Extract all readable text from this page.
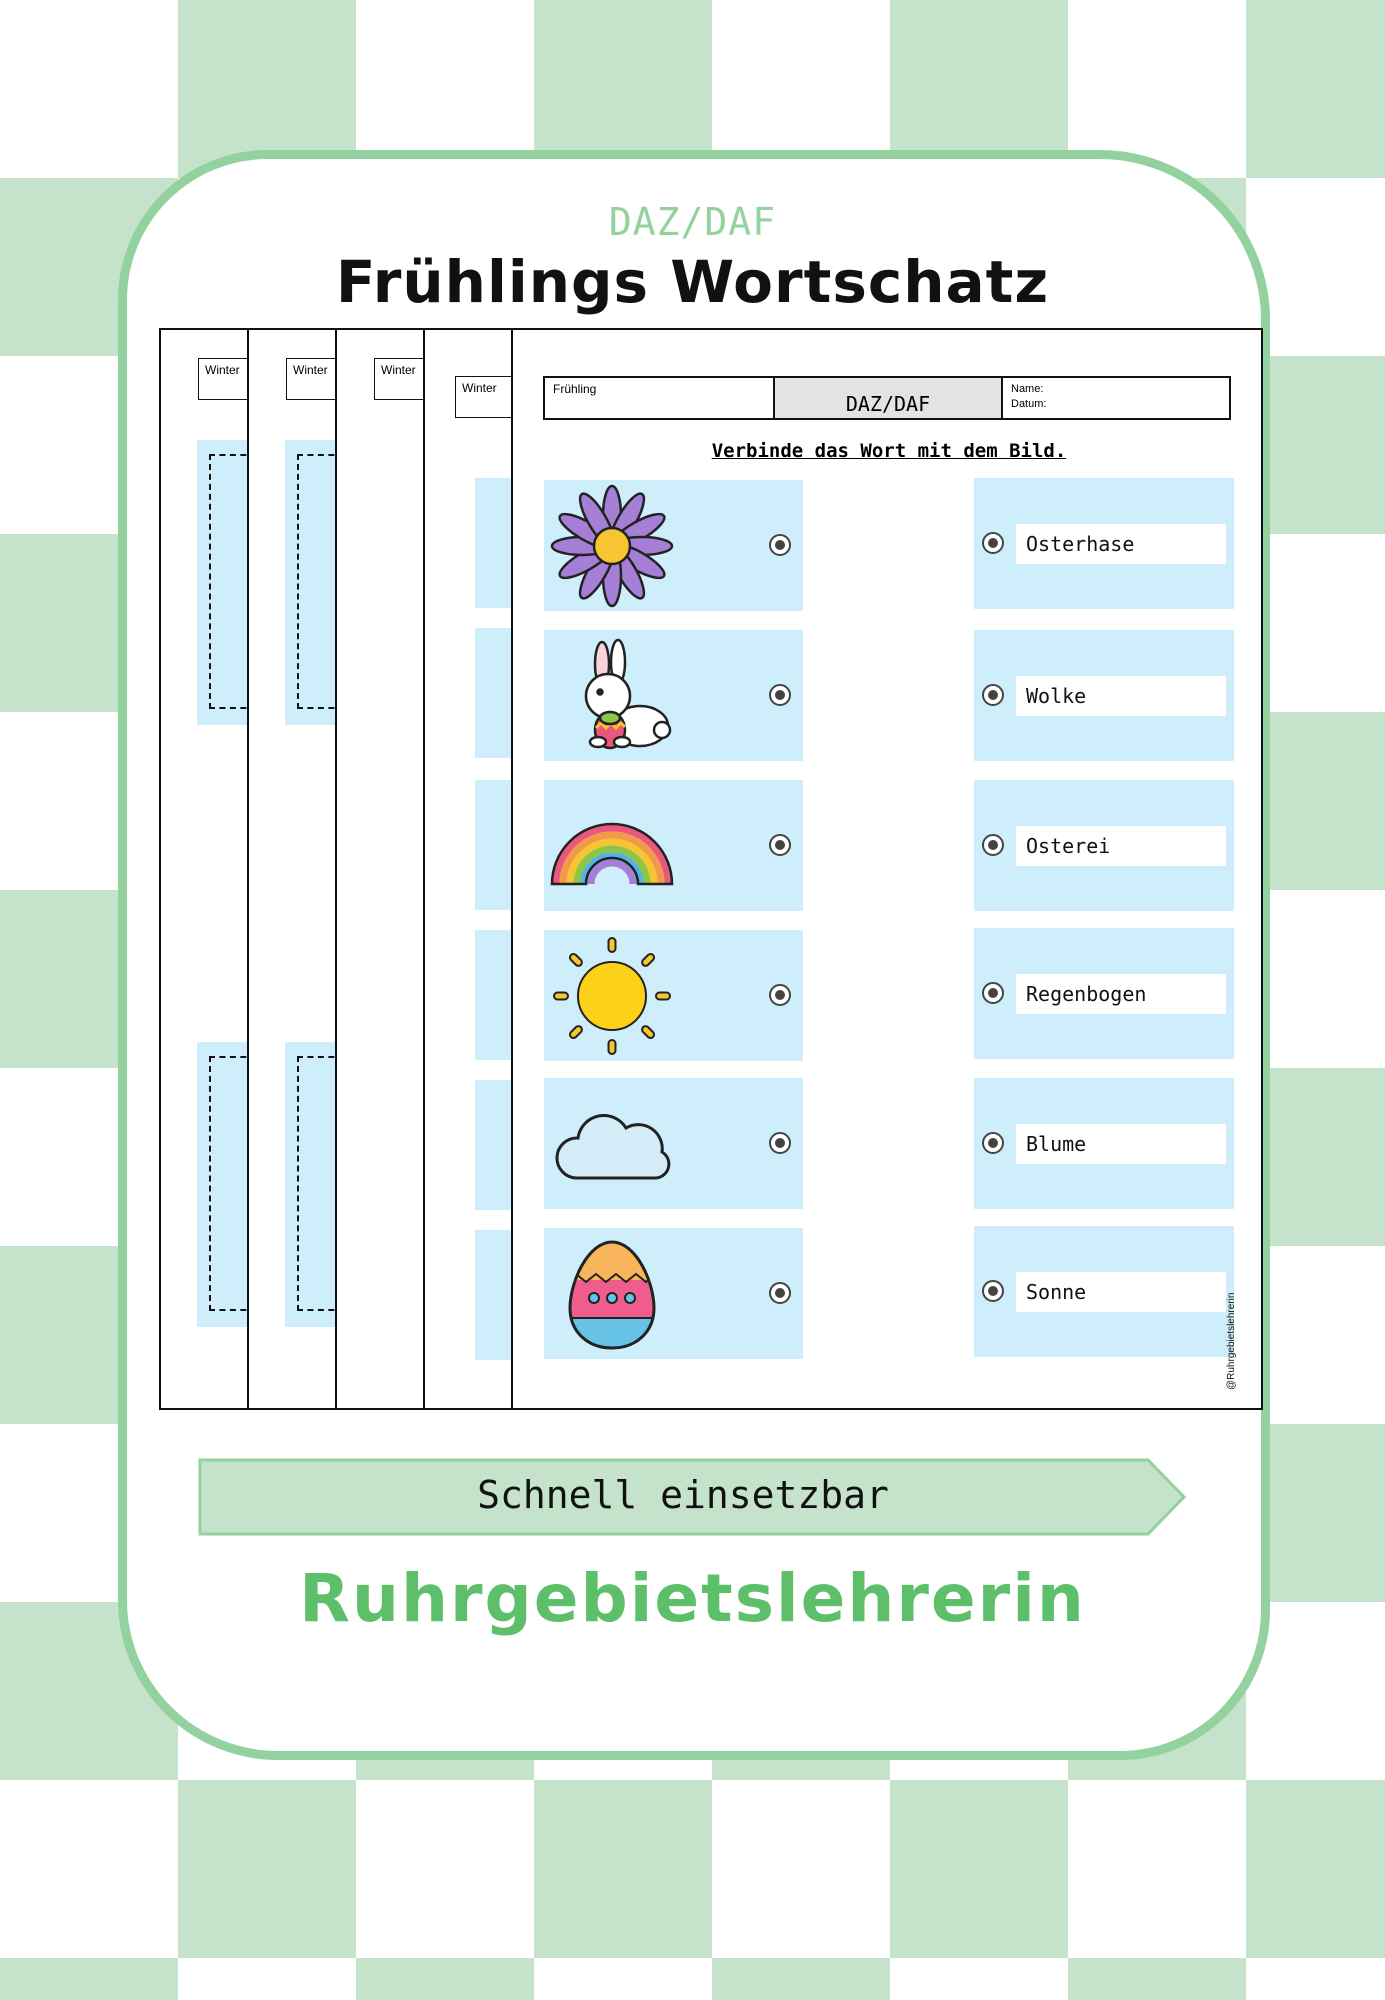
DAZ/DAF
Frühlings Wortschatz
Winter	Winter	Winter
Winter	Frühling
DAZ/DAF
Name:
Datum:
Verbinde das Wort mit dem Bild.
Osterhase
Wolke
Osterei
Regenbogen
Blume
Sonne
@Ruhrgebietslehrerin
Schnell einsetzbar
Ruhrgebietslehrerin
